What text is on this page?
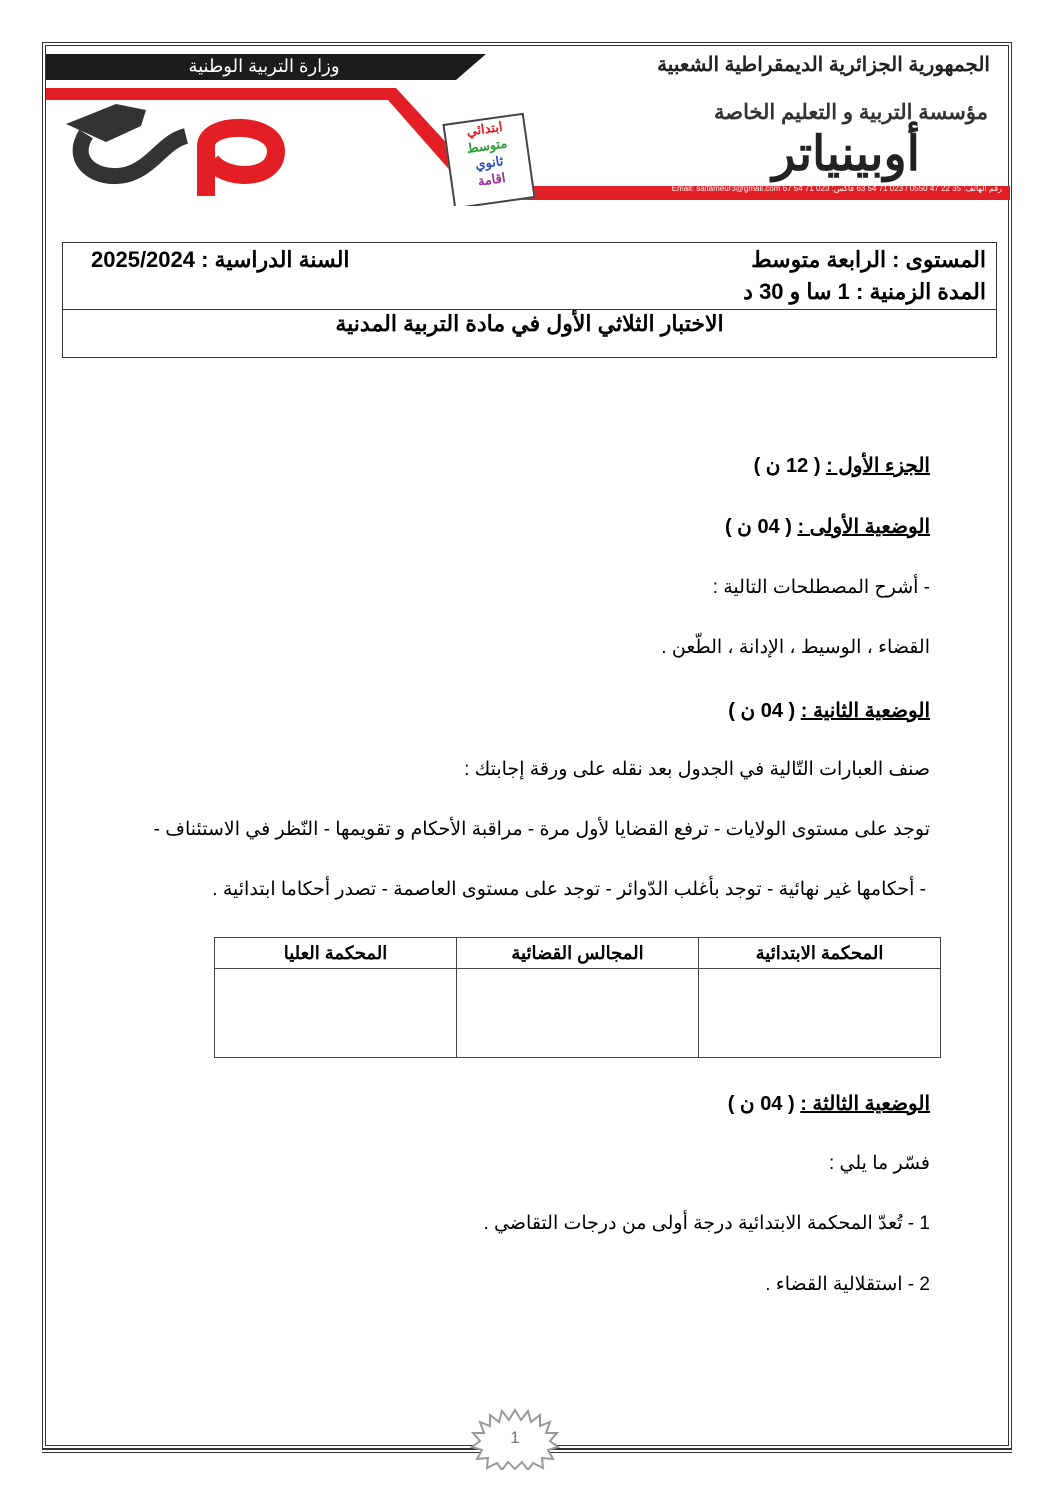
وزارة التربية الوطنية	الجمهورية الجزائرية الديمقراطية الشعبية
مؤسسة التربية و التعليم الخاصة
أوبينياتر
ابتدائي
متوسط
ثانوي
اقامة	رقم الهاتف: 35 22 47 0550 / 023 71 54 63 فاكس: 023 71 54 67 Email: saitameur3@gmail.com
المستوى : الرابعة متوسط
المدة الزمنية : 1 سا و 30 د
السنة الدراسية : 2025/2024
الاختبار الثلاثي الأول في مادة التربية المدنية
الجزء الأول : ( 12 ن )
الوضعية الأولى : ( 04 ن )
- أشرح المصطلحات التالية :
القضاء ، الوسيط ، الإدانة ، الطّعن .
الوضعية الثانية : ( 04 ن )
صنف العبارات التّالية في الجدول بعد نقله على ورقة إجابتك :
توجد على مستوى الولايات - ترفع القضايا لأول مرة - مراقبة الأحكام و تقويمها - النّظر في الاستئناف -
- أحكامها غير نهائية - توجد بأغلب الدّوائر - توجد على مستوى العاصمة - تصدر أحكاما ابتدائية .
المحكمة الابتدائية	المجالس القضائية	المحكمة العليا

الوضعية الثالثة : ( 04 ن )
فسّر ما يلي :
1 - تُعدّ المحكمة الابتدائية درجة أولى من درجات التقاضي .
2 - استقلالية القضاء .
1
